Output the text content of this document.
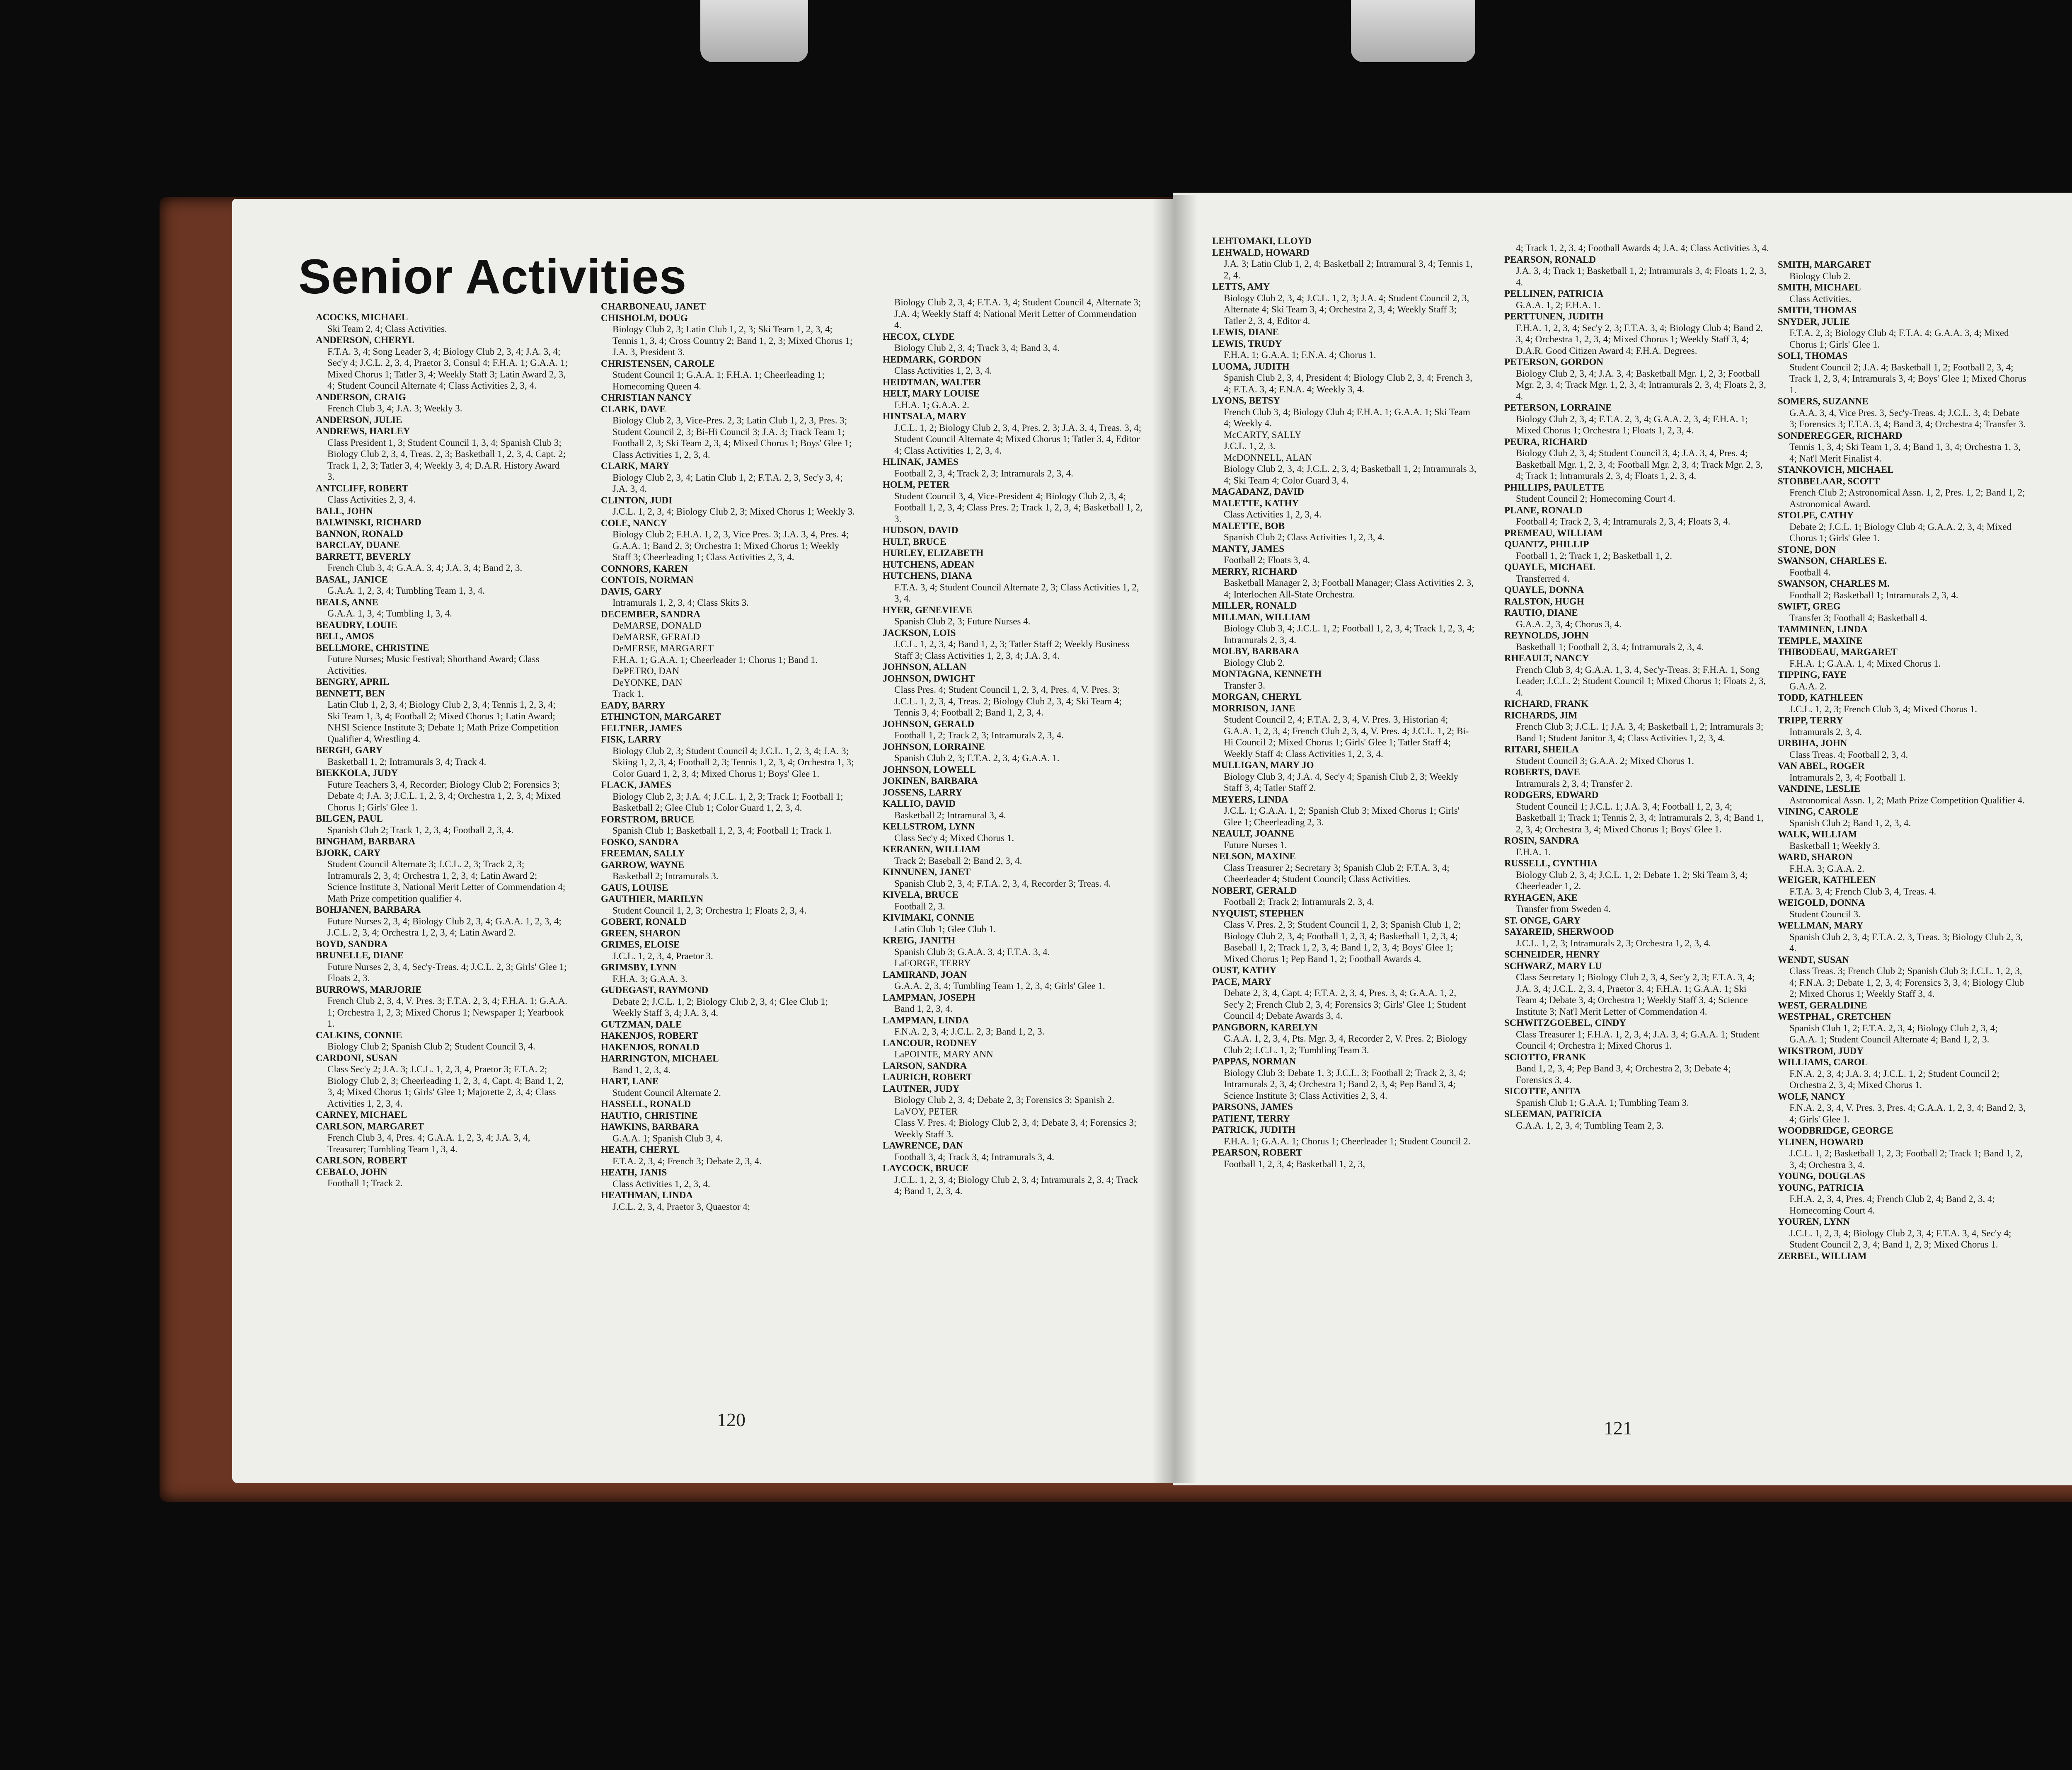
Senior Activities

ACOCKS, MICHAEL

Ski Team 2, 4; Class Activities.

ANDERSON, CHERYL

F.T.A. 3, 4; Song Leader 3, 4; Biology Club 2, 3, 4; J.A. 3, 4; Sec'y 4; J.C.L. 2, 3, 4, Praetor 3, Consul 4; F.H.A. 1; G.A.A. 1; Mixed Chorus 1; Tatler 3, 4; Weekly Staff 3; Latin Award 2, 3, 4; Student Council Alternate 4; Class Activities 2, 3, 4.

ANDERSON, CRAIG

French Club 3, 4; J.A. 3; Weekly 3.

ANDERSON, JULIE

ANDREWS, HARLEY

Class President 1, 3; Student Council 1, 3, 4; Spanish Club 3; Biology Club 2, 3, 4, Treas. 2, 3; Basketball 1, 2, 3, 4, Capt. 2; Track 1, 2, 3; Tatler 3, 4; Weekly 3, 4; D.A.R. History Award 3.

ANTCLIFF, ROBERT

Class Activities 2, 3, 4.

BALL, JOHN

BALWINSKI, RICHARD

BANNON, RONALD

BARCLAY, DUANE

BARRETT, BEVERLY

French Club 3, 4; G.A.A. 3, 4; J.A. 3, 4; Band 2, 3.

BASAL, JANICE

G.A.A. 1, 2, 3, 4; Tumbling Team 1, 3, 4.

BEALS, ANNE

G.A.A. 1, 3, 4; Tumbling 1, 3, 4.

BEAUDRY, LOUIE

BELL, AMOS

BELLMORE, CHRISTINE

Future Nurses; Music Festival; Shorthand Award; Class Activities.

BENGRY, APRIL

BENNETT, BEN

Latin Club 1, 2, 3, 4; Biology Club 2, 3, 4; Tennis 1, 2, 3, 4; Ski Team 1, 3, 4; Football 2; Mixed Chorus 1; Latin Award; NHSI Science Institute 3; Debate 1; Math Prize Competition Qualifier 4, Wrestling 4.

BERGH, GARY

Basketball 1, 2; Intramurals 3, 4; Track 4.

BIEKKOLA, JUDY

Future Teachers 3, 4, Recorder; Biology Club 2; Forensics 3; Debate 4; J.A. 3; J.C.L. 1, 2, 3, 4; Orchestra 1, 2, 3, 4; Mixed Chorus 1; Girls' Glee 1.

BILGEN, PAUL

Spanish Club 2; Track 1, 2, 3, 4; Football 2, 3, 4.

BINGHAM, BARBARA

BJORK, CARY

Student Council Alternate 3; J.C.L. 2, 3; Track 2, 3; Intramurals 2, 3, 4; Orchestra 1, 2, 3, 4; Latin Award 2; Science Institute 3, National Merit Letter of Commendation 4; Math Prize competition qualifier 4.

BOHJANEN, BARBARA

Future Nurses 2, 3, 4; Biology Club 2, 3, 4; G.A.A. 1, 2, 3, 4; J.C.L. 2, 3, 4; Orchestra 1, 2, 3, 4; Latin Award 2.

BOYD, SANDRA

BRUNELLE, DIANE

Future Nurses 2, 3, 4, Sec'y-Treas. 4; J.C.L. 2, 3; Girls' Glee 1; Floats 2, 3.

BURROWS, MARJORIE

French Club 2, 3, 4, V. Pres. 3; F.T.A. 2, 3, 4; F.H.A. 1; G.A.A. 1; Orchestra 1, 2, 3; Mixed Chorus 1; Newspaper 1; Yearbook 1.

CALKINS, CONNIE

Biology Club 2; Spanish Club 2; Student Council 3, 4.

CARDONI, SUSAN

Class Sec'y 2; J.A. 3; J.C.L. 1, 2, 3, 4, Praetor 3; F.T.A. 2; Biology Club 2, 3; Cheerleading 1, 2, 3, 4, Capt. 4; Band 1, 2, 3, 4; Mixed Chorus 1; Girls' Glee 1; Majorette 2, 3, 4; Class Activities 1, 2, 3, 4.

CARNEY, MICHAEL

CARLSON, MARGARET

French Club 3, 4, Pres. 4; G.A.A. 1, 2, 3, 4; J.A. 3, 4, Treasurer; Tumbling Team 1, 3, 4.

CARLSON, ROBERT

CEBALO, JOHN

Football 1; Track 2.

CHARBONEAU, JANET

CHISHOLM, DOUG

Biology Club 2, 3; Latin Club 1, 2, 3; Ski Team 1, 2, 3, 4; Tennis 1, 3, 4; Cross Country 2; Band 1, 2, 3; Mixed Chorus 1; J.A. 3, President 3.

CHRISTENSEN, CAROLE

Student Council 1; G.A.A. 1; F.H.A. 1; Cheerleading 1; Homecoming Queen 4.

CHRISTIAN NANCY

CLARK, DAVE

Biology Club 2, 3, Vice-Pres. 2, 3; Latin Club 1, 2, 3, Pres. 3; Student Council 2, 3; Bi-Hi Council 3; J.A. 3; Track Team 1; Football 2, 3; Ski Team 2, 3, 4; Mixed Chorus 1; Boys' Glee 1; Class Activities 1, 2, 3, 4.

CLARK, MARY

Biology Club 2, 3, 4; Latin Club 1, 2; F.T.A. 2, 3, Sec'y 3, 4; J.A. 3, 4.

CLINTON, JUDI

J.C.L. 1, 2, 3, 4; Biology Club 2, 3; Mixed Chorus 1; Weekly 3.

COLE, NANCY

Biology Club 2; F.H.A. 1, 2, 3, Vice Pres. 3; J.A. 3, 4, Pres. 4; G.A.A. 1; Band 2, 3; Orchestra 1; Mixed Chorus 1; Weekly Staff 3; Cheerleading 1; Class Activities 2, 3, 4.

CONNORS, KAREN

CONTOIS, NORMAN

DAVIS, GARY

Intramurals 1, 2, 3, 4; Class Skits 3.

DECEMBER, SANDRA

DeMARSE, DONALD

DeMARSE, GERALD

DeMERSE, MARGARET

F.H.A. 1; G.A.A. 1; Cheerleader 1; Chorus 1; Band 1.

DePETRO, DAN

DeYONKE, DAN

Track 1.

EADY, BARRY

ETHINGTON, MARGARET

FELTNER, JAMES

FISK, LARRY

Biology Club 2, 3; Student Council 4; J.C.L. 1, 2, 3, 4; J.A. 3; Skiing 1, 2, 3, 4; Football 2, 3; Tennis 1, 2, 3, 4; Orchestra 1, 3; Color Guard 1, 2, 3, 4; Mixed Chorus 1; Boys' Glee 1.

FLACK, JAMES

Biology Club 2, 3; J.A. 4; J.C.L. 1, 2, 3; Track 1; Football 1; Basketball 2; Glee Club 1; Color Guard 1, 2, 3, 4.

FORSTROM, BRUCE

Spanish Club 1; Basketball 1, 2, 3, 4; Football 1; Track 1.

FOSKO, SANDRA

FREEMAN, SALLY

GARROW, WAYNE

Basketball 2; Intramurals 3.

GAUS, LOUISE

GAUTHIER, MARILYN

Student Council 1, 2, 3; Orchestra 1; Floats 2, 3, 4.

GOBERT, RONALD

GREEN, SHARON

GRIMES, ELOISE

J.C.L. 1, 2, 3, 4, Praetor 3.

GRIMSBY, LYNN

F.H.A. 3; G.A.A. 3.

GUDEGAST, RAYMOND

Debate 2; J.C.L. 1, 2; Biology Club 2, 3, 4; Glee Club 1; Weekly Staff 3, 4; J.A. 3, 4.

GUTZMAN, DALE

HAKENJOS, ROBERT

HAKENJOS, RONALD

HARRINGTON, MICHAEL

Band 1, 2, 3, 4.

HART, LANE

Student Council Alternate 2.

HASSELL, RONALD

HAUTIO, CHRISTINE

HAWKINS, BARBARA

G.A.A. 1; Spanish Club 3, 4.

HEATH, CHERYL

F.T.A. 2, 3, 4; French 3; Debate 2, 3, 4.

HEATH, JANIS

Class Activities 1, 2, 3, 4.

HEATHMAN, LINDA

J.C.L. 2, 3, 4, Praetor 3, Quaestor 4;

Biology Club 2, 3, 4; F.T.A. 3, 4; Student Council 4, Alternate 3; J.A. 4; Weekly Staff 4; National Merit Letter of Commendation 4.

HECOX, CLYDE

Biology Club 2, 3, 4; Track 3, 4; Band 3, 4.

HEDMARK, GORDON

Class Activities 1, 2, 3, 4.

HEIDTMAN, WALTER

HELT, MARY LOUISE

F.H.A. 1; G.A.A. 2.

HINTSALA, MARY

J.C.L. 1, 2; Biology Club 2, 3, 4, Pres. 2, 3; J.A. 3, 4, Treas. 3, 4; Student Council Alternate 4; Mixed Chorus 1; Tatler 3, 4, Editor 4; Class Activities 1, 2, 3, 4.

HLINAK, JAMES

Football 2, 3, 4; Track 2, 3; Intramurals 2, 3, 4.

HOLM, PETER

Student Council 3, 4, Vice-President 4; Biology Club 2, 3, 4; Football 1, 2, 3, 4; Class Pres. 2; Track 1, 2, 3, 4; Basketball 1, 2, 3.

HUDSON, DAVID

HULT, BRUCE

HURLEY, ELIZABETH

HUTCHENS, ADEAN

HUTCHENS, DIANA

F.T.A. 3, 4; Student Council Alternate 2, 3; Class Activities 1, 2, 3, 4.

HYER, GENEVIEVE

Spanish Club 2, 3; Future Nurses 4.

JACKSON, LOIS

J.C.L. 1, 2, 3, 4; Band 1, 2, 3; Tatler Staff 2; Weekly Business Staff 3; Class Activities 1, 2, 3, 4; J.A. 3, 4.

JOHNSON, ALLAN

JOHNSON, DWIGHT

Class Pres. 4; Student Council 1, 2, 3, 4, Pres. 4, V. Pres. 3; J.C.L. 1, 2, 3, 4, Treas. 2; Biology Club 2, 3, 4; Ski Team 4; Tennis 3, 4; Football 2; Band 1, 2, 3, 4.

JOHNSON, GERALD

Football 1, 2; Track 2, 3; Intramurals 2, 3, 4.

JOHNSON, LORRAINE

Spanish Club 2, 3; F.T.A. 2, 3, 4; G.A.A. 1.

JOHNSON, LOWELL

JOKINEN, BARBARA

JOSSENS, LARRY

KALLIO, DAVID

Basketball 2; Intramural 3, 4.

KELLSTROM, LYNN

Class Sec'y 4; Mixed Chorus 1.

KERANEN, WILLIAM

Track 2; Baseball 2; Band 2, 3, 4.

KINNUNEN, JANET

Spanish Club 2, 3, 4; F.T.A. 2, 3, 4, Recorder 3; Treas. 4.

KIVELA, BRUCE

Football 2, 3.

KIVIMAKI, CONNIE

Latin Club 1; Glee Club 1.

KREIG, JANITH

Spanish Club 3; G.A.A. 3, 4; F.T.A. 3, 4.

LaFORGE, TERRY

LAMIRAND, JOAN

G.A.A. 2, 3, 4; Tumbling Team 1, 2, 3, 4; Girls' Glee 1.

LAMPMAN, JOSEPH

Band 1, 2, 3, 4.

LAMPMAN, LINDA

F.N.A. 2, 3, 4; J.C.L. 2, 3; Band 1, 2, 3.

LANCOUR, RODNEY

LaPOINTE, MARY ANN

LARSON, SANDRA

LAURICH, ROBERT

LAUTNER, JUDY

Biology Club 2, 3, 4; Debate 2, 3; Forensics 3; Spanish 2.

LaVOY, PETER

Class V. Pres. 4; Biology Club 2, 3, 4; Debate 3, 4; Forensics 3; Weekly Staff 3.

LAWRENCE, DAN

Football 3, 4; Track 3, 4; Intramurals 3, 4.

LAYCOCK, BRUCE

J.C.L. 1, 2, 3, 4; Biology Club 2, 3, 4; Intramurals 2, 3, 4; Track 4; Band 1, 2, 3, 4.

LEHTOMAKI, LLOYD

LEHWALD, HOWARD

J.A. 3; Latin Club 1, 2, 4; Basketball 2; Intramural 3, 4; Tennis 1, 2, 4.

LETTS, AMY

Biology Club 2, 3, 4; J.C.L. 1, 2, 3; J.A. 4; Student Council 2, 3, Alternate 4; Ski Team 3, 4; Orchestra 2, 3, 4; Weekly Staff 3; Tatler 2, 3, 4, Editor 4.

LEWIS, DIANE

LEWIS, TRUDY

F.H.A. 1; G.A.A. 1; F.N.A. 4; Chorus 1.

LUOMA, JUDITH

Spanish Club 2, 3, 4, President 4; Biology Club 2, 3, 4; French 3, 4; F.T.A. 3, 4; F.N.A. 4; Weekly 3, 4.

LYONS, BETSY

French Club 3, 4; Biology Club 4; F.H.A. 1; G.A.A. 1; Ski Team 4; Weekly 4.

McCARTY, SALLY

J.C.L. 1, 2, 3.

McDONNELL, ALAN

Biology Club 2, 3, 4; J.C.L. 2, 3, 4; Basketball 1, 2; Intramurals 3, 4; Ski Team 4; Color Guard 3, 4.

MAGADANZ, DAVID

MALETTE, KATHY

Class Activities 1, 2, 3, 4.

MALETTE, BOB

Spanish Club 2; Class Activities 1, 2, 3, 4.

MANTY, JAMES

Football 2; Floats 3, 4.

MERRY, RICHARD

Basketball Manager 2, 3; Football Manager; Class Activities 2, 3, 4; Interlochen All-State Orchestra.

MILLER, RONALD

MILLMAN, WILLIAM

Biology Club 3, 4; J.C.L. 1, 2; Football 1, 2, 3, 4; Track 1, 2, 3, 4; Intramurals 2, 3, 4.

MOLBY, BARBARA

Biology Club 2.

MONTAGNA, KENNETH

Transfer 3.

MORGAN, CHERYL

MORRISON, JANE

Student Council 2, 4; F.T.A. 2, 3, 4, V. Pres. 3, Historian 4; G.A.A. 1, 2, 3, 4; French Club 2, 3, 4, V. Pres. 4; J.C.L. 1, 2; Bi-Hi Council 2; Mixed Chorus 1; Girls' Glee 1; Tatler Staff 4; Weekly Staff 4; Class Activities 1, 2, 3, 4.

MULLIGAN, MARY JO

Biology Club 3, 4; J.A. 4, Sec'y 4; Spanish Club 2, 3; Weekly Staff 3, 4; Tatler Staff 2.

MEYERS, LINDA

J.C.L. 1; G.A.A. 1, 2; Spanish Club 3; Mixed Chorus 1; Girls' Glee 1; Cheerleading 2, 3.

NEAULT, JOANNE

Future Nurses 1.

NELSON, MAXINE

Class Treasurer 2; Secretary 3; Spanish Club 2; F.T.A. 3, 4; Cheerleader 4; Student Council; Class Activities.

NOBERT, GERALD

Football 2; Track 2; Intramurals 2, 3, 4.

NYQUIST, STEPHEN

Class V. Pres. 2, 3; Student Council 1, 2, 3; Spanish Club 1, 2; Biology Club 2, 3, 4; Football 1, 2, 3, 4; Basketball 1, 2, 3, 4; Baseball 1, 2; Track 1, 2, 3, 4; Band 1, 2, 3, 4; Boys' Glee 1; Mixed Chorus 1; Pep Band 1, 2; Football Awards 4.

OUST, KATHY

PACE, MARY

Debate 2, 3, 4, Capt. 4; F.T.A. 2, 3, 4, Pres. 3, 4; G.A.A. 1, 2, Sec'y 2; French Club 2, 3, 4; Forensics 3; Girls' Glee 1; Student Council 4; Debate Awards 3, 4.

PANGBORN, KARELYN

G.A.A. 1, 2, 3, 4, Pts. Mgr. 3, 4, Recorder 2, V. Pres. 2; Biology Club 2; J.C.L. 1, 2; Tumbling Team 3.

PAPPAS, NORMAN

Biology Club 3; Debate 1, 3; J.C.L. 3; Football 2; Track 2, 3, 4; Intramurals 2, 3, 4; Orchestra 1; Band 2, 3, 4; Pep Band 3, 4; Science Institute 3; Class Activities 2, 3, 4.

PARSONS, JAMES

PATIENT, TERRY

PATRICK, JUDITH

F.H.A. 1; G.A.A. 1; Chorus 1; Cheerleader 1; Student Council 2.

PEARSON, ROBERT

Football 1, 2, 3, 4; Basketball 1, 2, 3,

4; Track 1, 2, 3, 4; Football Awards 4; J.A. 4; Class Activities 3, 4.

PEARSON, RONALD

J.A. 3, 4; Track 1; Basketball 1, 2; Intramurals 3, 4; Floats 1, 2, 3, 4.

PELLINEN, PATRICIA

G.A.A. 1, 2; F.H.A. 1.

PERTTUNEN, JUDITH

F.H.A. 1, 2, 3, 4; Sec'y 2, 3; F.T.A. 3, 4; Biology Club 4; Band 2, 3, 4; Orchestra 1, 2, 3, 4; Mixed Chorus 1; Weekly Staff 3, 4; D.A.R. Good Citizen Award 4; F.H.A. Degrees.

PETERSON, GORDON

Biology Club 2, 3, 4; J.A. 3, 4; Basketball Mgr. 1, 2, 3; Football Mgr. 2, 3, 4; Track Mgr. 1, 2, 3, 4; Intramurals 2, 3, 4; Floats 2, 3, 4.

PETERSON, LORRAINE

Biology Club 2, 3, 4; F.T.A. 2, 3, 4; G.A.A. 2, 3, 4; F.H.A. 1; Mixed Chorus 1; Orchestra 1; Floats 1, 2, 3, 4.

PEURA, RICHARD

Biology Club 2, 3, 4; Student Council 3, 4; J.A. 3, 4, Pres. 4; Basketball Mgr. 1, 2, 3, 4; Football Mgr. 2, 3, 4; Track Mgr. 2, 3, 4; Track 1; Intramurals 2, 3, 4; Floats 1, 2, 3, 4.

PHILLIPS, PAULETTE

Student Council 2; Homecoming Court 4.

PLANE, RONALD

Football 4; Track 2, 3, 4; Intramurals 2, 3, 4; Floats 3, 4.

PREMEAU, WILLIAM

QUANTZ, PHILLIP

Football 1, 2; Track 1, 2; Basketball 1, 2.

QUAYLE, MICHAEL

Transferred 4.

QUAYLE, DONNA

RALSTON, HUGH

RAUTIO, DIANE

G.A.A. 2, 3, 4; Chorus 3, 4.

REYNOLDS, JOHN

Basketball 1; Football 2, 3, 4; Intramurals 2, 3, 4.

RHEAULT, NANCY

French Club 3, 4; G.A.A. 1, 3, 4, Sec'y-Treas. 3; F.H.A. 1, Song Leader; J.C.L. 2; Student Council 1; Mixed Chorus 1; Floats 2, 3, 4.

RICHARD, FRANK

RICHARDS, JIM

French Club 3; J.C.L. 1; J.A. 3, 4; Basketball 1, 2; Intramurals 3; Band 1; Student Janitor 3, 4; Class Activities 1, 2, 3, 4.

RITARI, SHEILA

Student Council 3; G.A.A. 2; Mixed Chorus 1.

ROBERTS, DAVE

Intramurals 2, 3, 4; Transfer 2.

RODGERS, EDWARD

Student Council 1; J.C.L. 1; J.A. 3, 4; Football 1, 2, 3, 4; Basketball 1; Track 1; Tennis 2, 3, 4; Intramurals 2, 3, 4; Band 1, 2, 3, 4; Orchestra 3, 4; Mixed Chorus 1; Boys' Glee 1.

ROSIN, SANDRA

F.H.A. 1.

RUSSELL, CYNTHIA

Biology Club 2, 3, 4; J.C.L. 1, 2; Debate 1, 2; Ski Team 3, 4; Cheerleader 1, 2.

RYHAGEN, AKE

Transfer from Sweden 4.

ST. ONGE, GARY

SAYAREID, SHERWOOD

J.C.L. 1, 2, 3; Intramurals 2, 3; Orchestra 1, 2, 3, 4.

SCHNEIDER, HENRY

SCHWARZ, MARY LU

Class Secretary 1; Biology Club 2, 3, 4, Sec'y 2, 3; F.T.A. 3, 4; J.A. 3, 4; J.C.L. 2, 3, 4, Praetor 3, 4; F.H.A. 1; G.A.A. 1; Ski Team 4; Debate 3, 4; Orchestra 1; Weekly Staff 3, 4; Science Institute 3; Nat'l Merit Letter of Commendation 4.

SCHWITZGOEBEL, CINDY

Class Treasurer 1; F.H.A. 1, 2, 3, 4; J.A. 3, 4; G.A.A. 1; Student Council 4; Orchestra 1; Mixed Chorus 1.

SCIOTTO, FRANK

Band 1, 2, 3, 4; Pep Band 3, 4; Orchestra 2, 3; Debate 4; Forensics 3, 4.

SICOTTE, ANITA

Spanish Club 1; G.A.A. 1; Tumbling Team 3.

SLEEMAN, PATRICIA

G.A.A. 1, 2, 3, 4; Tumbling Team 2, 3.

SMITH, MARGARET

Biology Club 2.

SMITH, MICHAEL

Class Activities.

SMITH, THOMAS

SNYDER, JULIE

F.T.A. 2, 3; Biology Club 4; F.T.A. 4; G.A.A. 3, 4; Mixed Chorus 1; Girls' Glee 1.

SOLI, THOMAS

Student Council 2; J.A. 4; Basketball 1, 2; Football 2, 3, 4; Track 1, 2, 3, 4; Intramurals 3, 4; Boys' Glee 1; Mixed Chorus 1.

SOMERS, SUZANNE

G.A.A. 3, 4, Vice Pres. 3, Sec'y-Treas. 4; J.C.L. 3, 4; Debate 3; Forensics 3; F.T.A. 3, 4; Band 3, 4; Orchestra 4; Transfer 3.

SONDEREGGER, RICHARD

Tennis 1, 3, 4; Ski Team 1, 3, 4; Band 1, 3, 4; Orchestra 1, 3, 4; Nat'l Merit Finalist 4.

STANKOVICH, MICHAEL

STOBBELAAR, SCOTT

French Club 2; Astronomical Assn. 1, 2, Pres. 1, 2; Band 1, 2; Astronomical Award.

STOLPE, CATHY

Debate 2; J.C.L. 1; Biology Club 4; G.A.A. 2, 3, 4; Mixed Chorus 1; Girls' Glee 1.

STONE, DON

SWANSON, CHARLES E.

Football 4.

SWANSON, CHARLES M.

Football 2; Basketball 1; Intramurals 2, 3, 4.

SWIFT, GREG

Transfer 3; Football 4; Basketball 4.

TAMMINEN, LINDA

TEMPLE, MAXINE

THIBODEAU, MARGARET

F.H.A. 1; G.A.A. 1, 4; Mixed Chorus 1.

TIPPING, FAYE

G.A.A. 2.

TODD, KATHLEEN

J.C.L. 1, 2, 3; French Club 3, 4; Mixed Chorus 1.

TRIPP, TERRY

Intramurals 2, 3, 4.

URBIHA, JOHN

Class Treas. 4; Football 2, 3, 4.

VAN ABEL, ROGER

Intramurals 2, 3, 4; Football 1.

VANDINE, LESLIE

Astronomical Assn. 1, 2; Math Prize Competition Qualifier 4.

VINING, CAROLE

Spanish Club 2; Band 1, 2, 3, 4.

WALK, WILLIAM

Basketball 1; Weekly 3.

WARD, SHARON

F.H.A. 3; G.A.A. 2.

WEIGER, KATHLEEN

F.T.A. 3, 4; French Club 3, 4, Treas. 4.

WEIGOLD, DONNA

Student Council 3.

WELLMAN, MARY

Spanish Club 2, 3, 4; F.T.A. 2, 3, Treas. 3; Biology Club 2, 3, 4.

WENDT, SUSAN

Class Treas. 3; French Club 2; Spanish Club 3; J.C.L. 1, 2, 3, 4; F.N.A. 3; Debate 1, 2, 3, 4; Forensics 3, 3, 4; Biology Club 2; Mixed Chorus 1; Weekly Staff 3, 4.

WEST, GERALDINE

WESTPHAL, GRETCHEN

Spanish Club 1, 2; F.T.A. 2, 3, 4; Biology Club 2, 3, 4; G.A.A. 1; Student Council Alternate 4; Band 1, 2, 3.

WIKSTROM, JUDY

WILLIAMS, CAROL

F.N.A. 2, 3, 4; J.A. 3, 4; J.C.L. 1, 2; Student Council 2; Orchestra 2, 3, 4; Mixed Chorus 1.

WOLF, NANCY

F.N.A. 2, 3, 4, V. Pres. 3, Pres. 4; G.A.A. 1, 2, 3, 4; Band 2, 3, 4; Girls' Glee 1.

WOODBRIDGE, GEORGE

YLINEN, HOWARD

J.C.L. 1, 2; Basketball 1, 2, 3; Football 2; Track 1; Band 1, 2, 3, 4; Orchestra 3, 4.

YOUNG, DOUGLAS

YOUNG, PATRICIA

F.H.A. 2, 3, 4, Pres. 4; French Club 2, 4; Band 2, 3, 4; Homecoming Court 4.

YOUREN, LYNN

J.C.L. 1, 2, 3, 4; Biology Club 2, 3, 4; F.T.A. 3, 4, Sec'y 4; Student Council 2, 3, 4; Band 1, 2, 3; Mixed Chorus 1.

ZERBEL, WILLIAM

120	121
